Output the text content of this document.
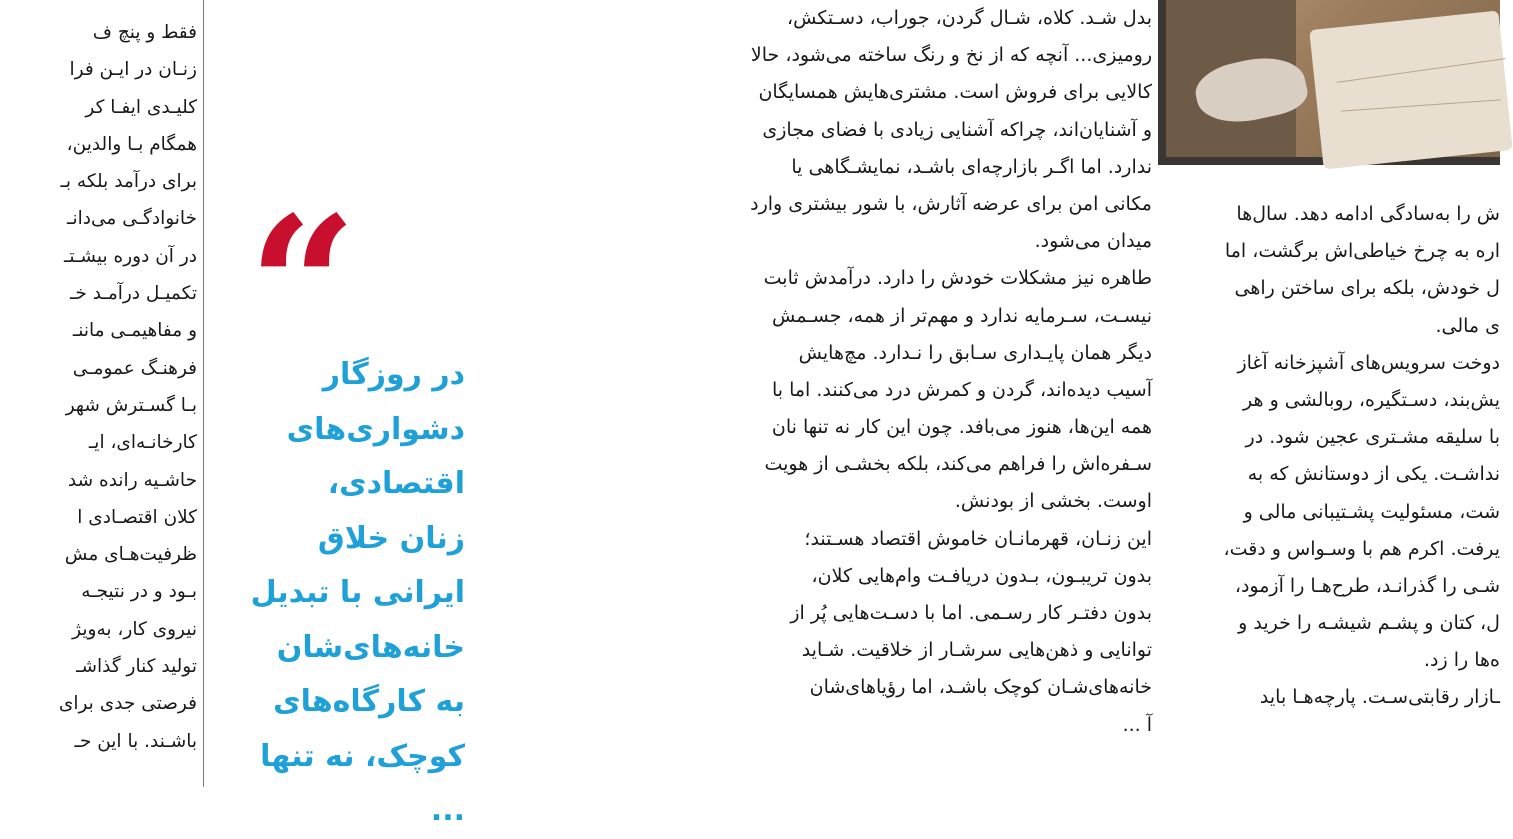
فقط و پنچ ف
زنـان در ایـن فرا
کلیـدی ایفـا کر
همگام بـا والدین،
برای درآمد بلکه بـ
خانوادگـی می‌دانـ
در آن دوره بیشـتـ
تکمیـل درآمـد خـ
و مفاهیمـی ماننـ
فرهنـگ عمومـی
بـا گسـترش شهر
کارخانـه‌ای، ایـ
حاشـیه رانده شد
کلان اقتصـادی ا
ظرفیت‌هـای مش
بـود و در نتیجـه
نیروی کار، به‌ویژ
تولید کنار گذاشـ
فرصتی جدی برای
باشـند. با این حـ
“
در روزگار
دشواری‌های
اقتصادی،
زنان خلاق
ایرانی با تبدیل
خانه‌های‌شان
به کارگاه‌های
کوچک، نه تنها
...
بدل شـد. کلاه، شـال گردن، جوراب، دسـتکش،
رومیزی... آنچه که از نخ و رنگ ساخته می‌شود، حالا
کالایی برای فروش است. مشتری‌هایش همسایگان
و آشنایان‌اند، چراکه آشنایی زیادی با فضای مجازی
ندارد. اما اگـر بازارچه‌ای باشـد، نمایشـگاهی یا
مکانی امن برای عرضه آثارش، با شور بیشتری وارد
میدان می‌شود.
طاهره نیز مشکلات خودش را دارد. درآمدش ثابت
نیسـت، سـرمایه ندارد و مهم‌تر از همه، جسـمش
دیگر همان پایـداری سـابق را نـدارد. مچ‌هایش
آسیب دیده‌اند، گردن و کمرش درد می‌کنند. اما با
همه این‌ها، هنوز می‌بافد. چون این کار نه تنها نان
سـفره‌اش را فراهم می‌کند، بلکه بخشـی از هویت
اوست. بخشی از بودنش.
این زنـان، قهرمانـان خاموش اقتصاد هسـتند؛
بدون تریبـون، بـدون دریافـت وام‌هایی کلان،
بدون دفتـر کار رسـمی. اما با دسـت‌هایی پُر از
توانایی و ذهن‌هایی سرشـار از خلاقیت. شـاید
خانه‌های‌شـان کوچک باشـد، اما رؤیاهای‌شان
آ ...
ش را به‌سادگی ادامه دهد. سال‌ها
اره به چرخ خیاطی‌اش برگشت، اما
ل خودش، بلکه برای ساختن راهی
ی مالی.
دوخت سرویس‌های آشپزخانه آغاز
یش‌بند، دسـتگیره، روبالشی و هر
با سلیقه مشـتری عجین شود. در
نداشـت. یکی از دوستانش که به
شت، مسئولیت پشـتیبانی مالی و
یرفت. اکرم هم با وسـواس و دقت،
شـی را گذرانـد، طرح‌هـا را آزمود،
ل، کتان و پشـم شیشـه را خرید و
ه‌ها را زد.
ـازار رقابتی‌سـت. پارچه‌هـا باید
